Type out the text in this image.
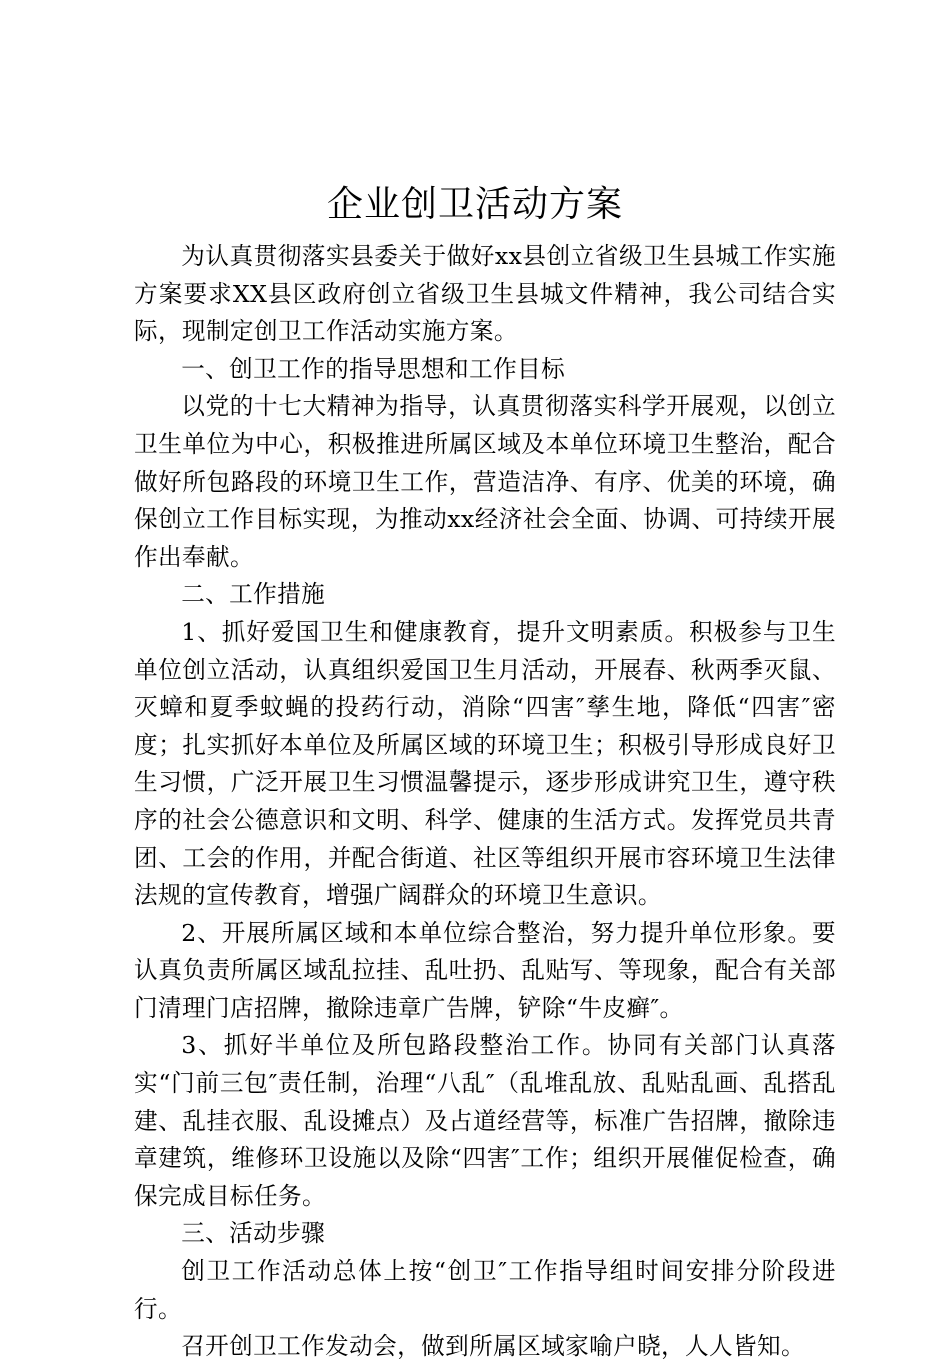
企业创卫活动方案

为认真贯彻落实县委关于做好xx县创立省级卫生县城工作实施方案要求XX县区政府创立省级卫生县城文件精神，我公司结合实际，现制定创卫工作活动实施方案。

一、创卫工作的指导思想和工作目标

以党的十七大精神为指导，认真贯彻落实科学开展观，以创立卫生单位为中心，积极推进所属区域及本单位环境卫生整治，配合做好所包路段的环境卫生工作，营造洁净、有序、优美的环境，确保创立工作目标实现，为推动xx经济社会全面、协调、可持续开展作出奉献。

二、工作措施

1、抓好爱国卫生和健康教育，提升文明素质。积极参与卫生单位创立活动，认真组织爱国卫生月活动，开展春、秋两季灭鼠、灭蟑和夏季蚊蝇的投药行动，消除“四害″孳生地，降低“四害″密度；扎实抓好本单位及所属区域的环境卫生；积极引导形成良好卫生习惯，广泛开展卫生习惯温馨提示，逐步形成讲究卫生，遵守秩序的社会公德意识和文明、科学、健康的生活方式。发挥党员共青团、工会的作用，并配合街道、社区等组织开展市容环境卫生法律法规的宣传教育，增强广阔群众的环境卫生意识。

2、开展所属区域和本单位综合整治，努力提升单位形象。要认真负责所属区域乱拉挂、乱吐扔、乱贴写、等现象，配合有关部门清理门店招牌，撤除违章广告牌，铲除“牛皮癣″。

3、抓好半单位及所包路段整治工作。协同有关部门认真落实“门前三包″责任制，治理“八乱″（乱堆乱放、乱贴乱画、乱搭乱建、乱挂衣服、乱设摊点）及占道经营等，标准广告招牌，撤除违章建筑，维修环卫设施以及除“四害″工作；组织开展催促检查，确保完成目标任务。

三、活动步骤

创卫工作活动总体上按“创卫″工作指导组时间安排分阶段进行。

召开创卫工作发动会，做到所属区域家喻户晓，人人皆知。
